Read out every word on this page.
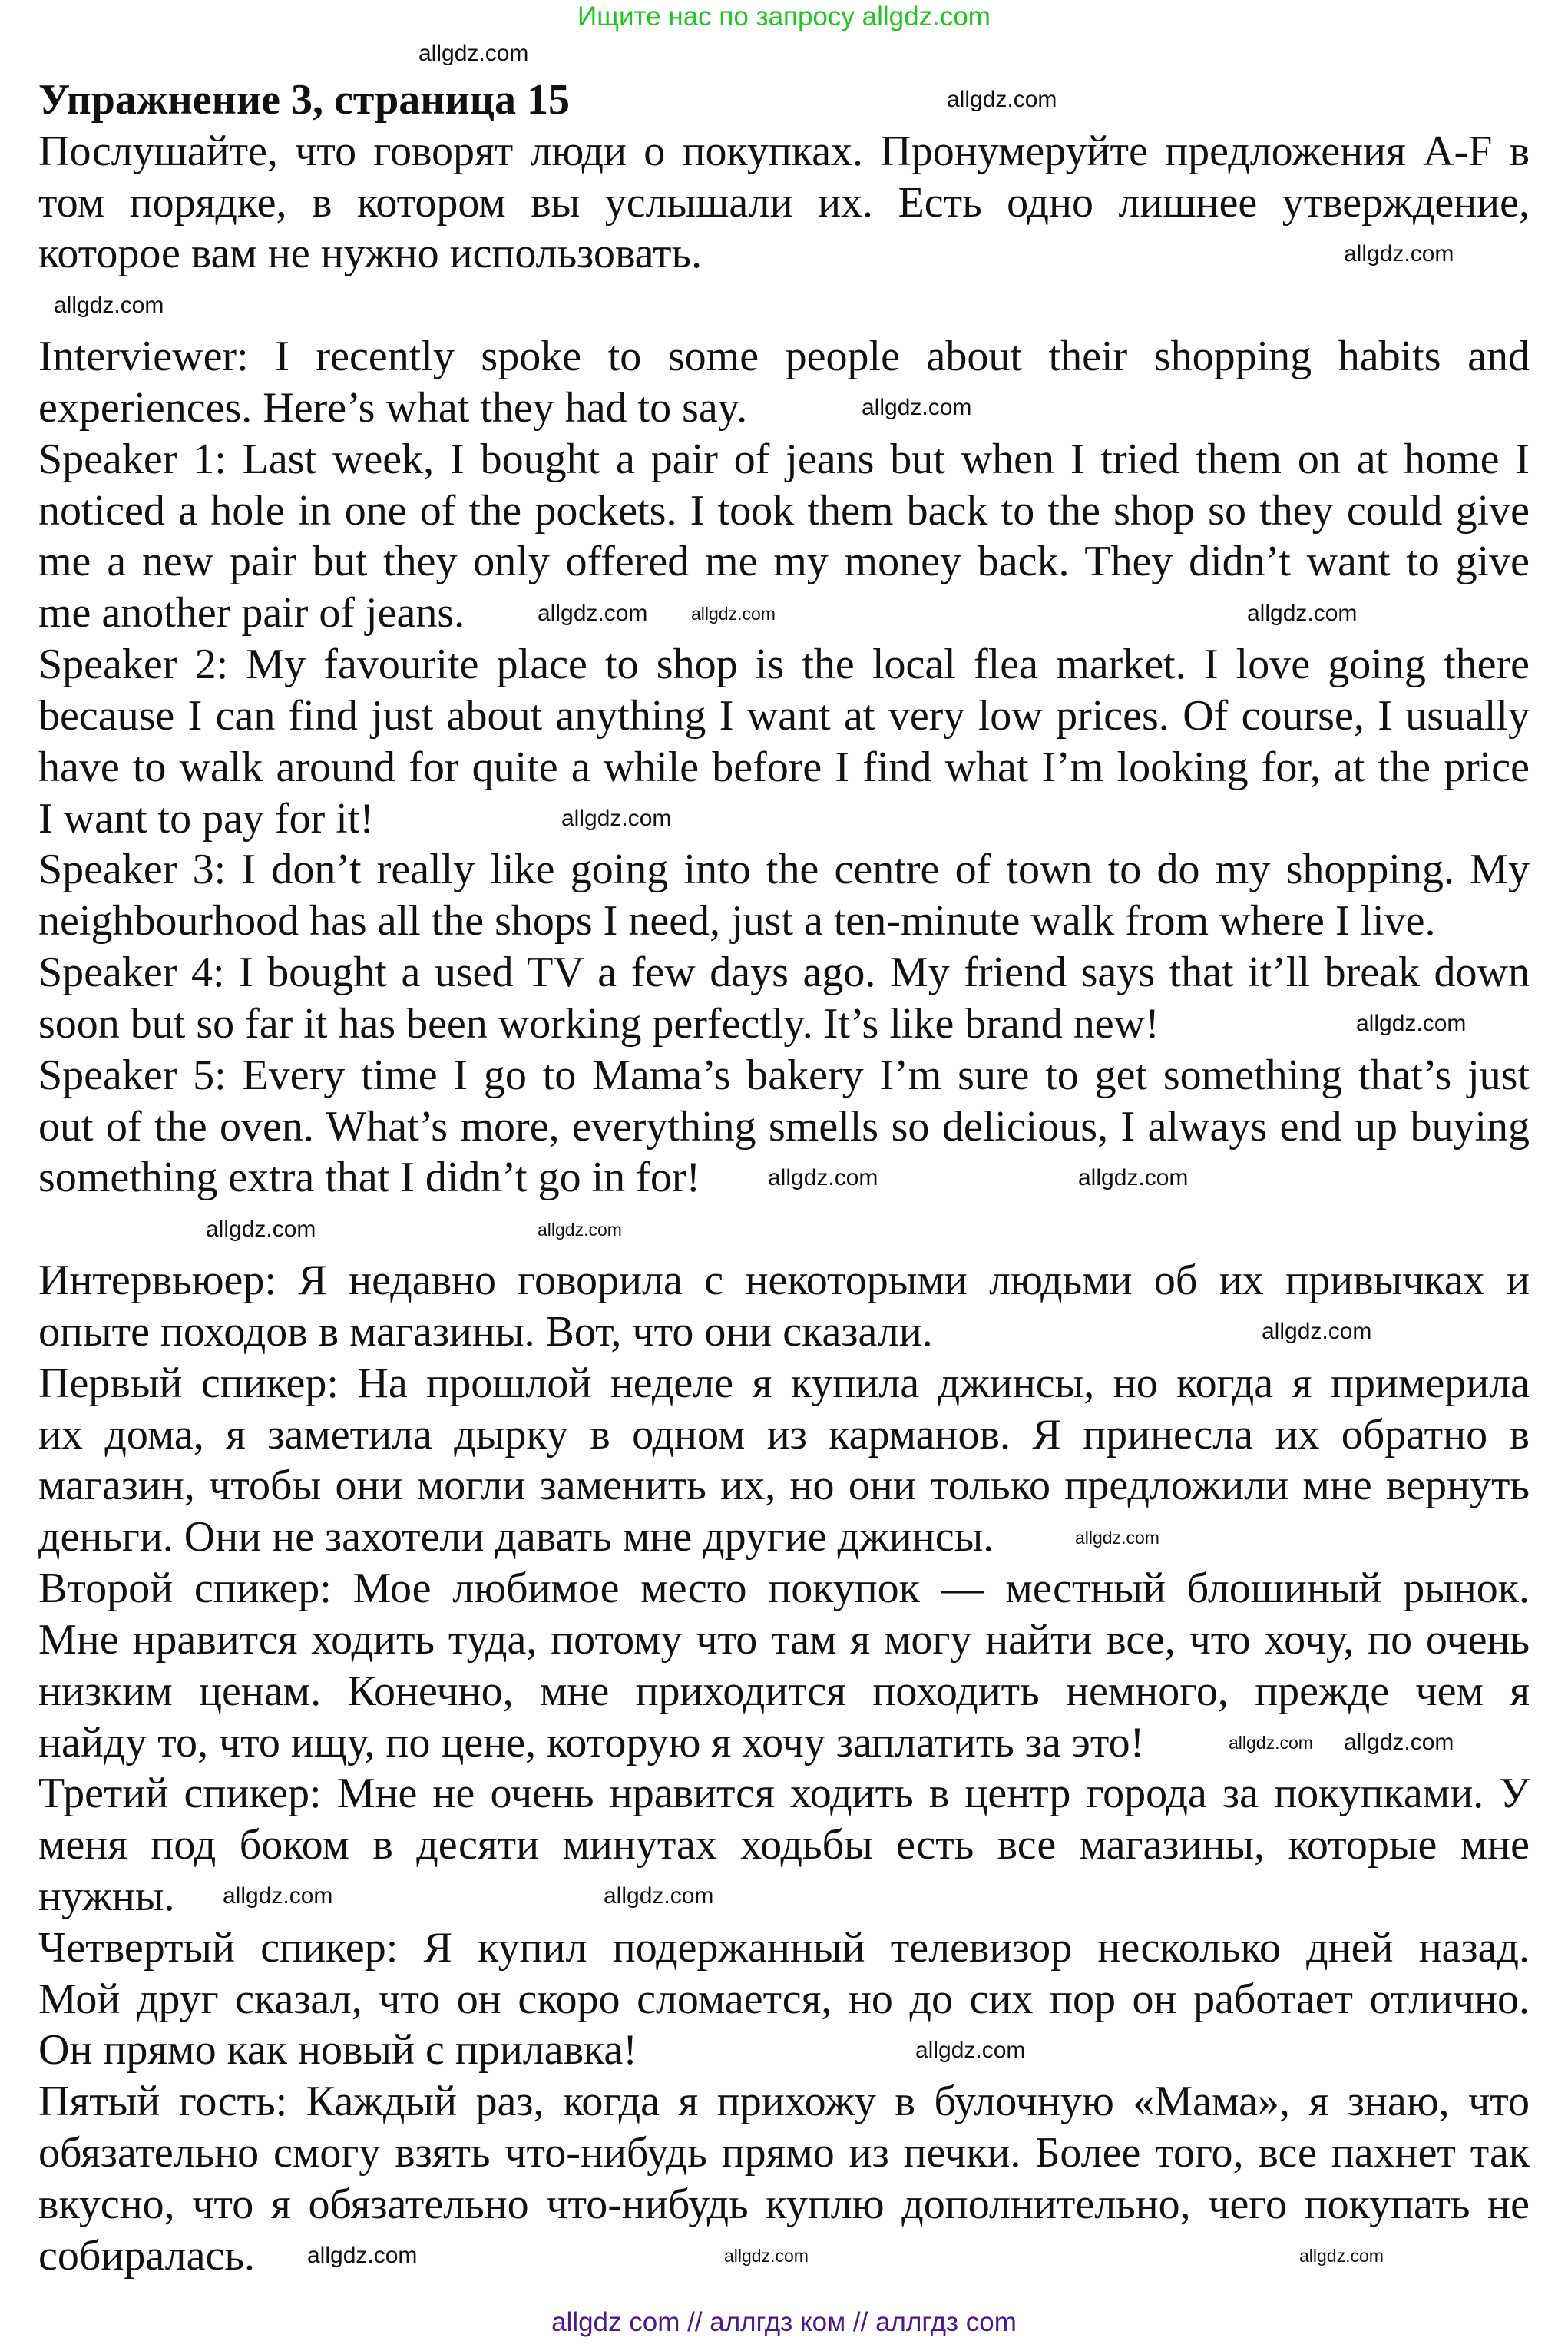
Ищите нас по запросу allgdz.com
Упражнение 3, страница 15
Послушайте, что говорят люди о покупках. Пронумеруйте предложения A-F в
том порядке, в котором вы услышали их. Есть одно лишнее утверждение,
которое вам не нужно использовать.
Interviewer: I recently spoke to some people about their shopping habits and
experiences. Here’s what they had to say.
Speaker 1: Last week, I bought a pair of jeans but when I tried them on at home I
noticed a hole in one of the pockets. I took them back to the shop so they could give
me a new pair but they only offered me my money back. They didn’t want to give
me another pair of jeans.
Speaker 2: My favourite place to shop is the local flea market. I love going there
because I can find just about anything I want at very low prices. Of course, I usually
have to walk around for quite a while before I find what I’m looking for, at the price
I want to pay for it!
Speaker 3: I don’t really like going into the centre of town to do my shopping. My
neighbourhood has all the shops I need, just a ten-minute walk from where I live.
Speaker 4: I bought a used TV a few days ago. My friend says that it’ll break down
soon but so far it has been working perfectly. It’s like brand new!
Speaker 5: Every time I go to Mama’s bakery I’m sure to get something that’s just
out of the oven. What’s more, everything smells so delicious, I always end up buying
something extra that I didn’t go in for!
Интервьюер: Я недавно говорила с некоторыми людьми об их привычках и
опыте походов в магазины. Вот, что они сказали.
Первый спикер: На прошлой неделе я купила джинсы, но когда я примерила
их дома, я заметила дырку в одном из карманов. Я принесла их обратно в
магазин, чтобы они могли заменить их, но они только предложили мне вернуть
деньги. Они не захотели давать мне другие джинсы.
Второй спикер: Мое любимое место покупок — местный блошиный рынок.
Мне нравится ходить туда, потому что там я могу найти все, что хочу, по очень
низким ценам. Конечно, мне приходится походить немного, прежде чем я
найду то, что ищу, по цене, которую я хочу заплатить за это!
Третий спикер: Мне не очень нравится ходить в центр города за покупками. У
меня под боком в десяти минутах ходьбы есть все магазины, которые мне
нужны.
Четвертый спикер: Я купил подержанный телевизор несколько дней назад.
Мой друг сказал, что он скоро сломается, но до сих пор он работает отлично.
Он прямо как новый с прилавка!
Пятый гость: Каждый раз, когда я прихожу в булочную «Мама», я знаю, что
обязательно смогу взять что-нибудь прямо из печки. Более того, все пахнет так
вкусно, что я обязательно что-нибудь куплю дополнительно, чего покупать не
собиралась.
allgdz.com
allgdz.com
allgdz.com
allgdz.com
allgdz.com
allgdz.com allgdz.com	allgdz.com
allgdz.com
allgdz.com
allgdz.com	allgdz.com
allgdz.com	allgdz.com
allgdz.com
allgdz.com
allgdz.com allgdz.com
allgdz.com	allgdz.com
allgdz.com
allgdz.com	allgdz.com	allgdz.com
allgdz com // аллгдз ком // аллгдз com
